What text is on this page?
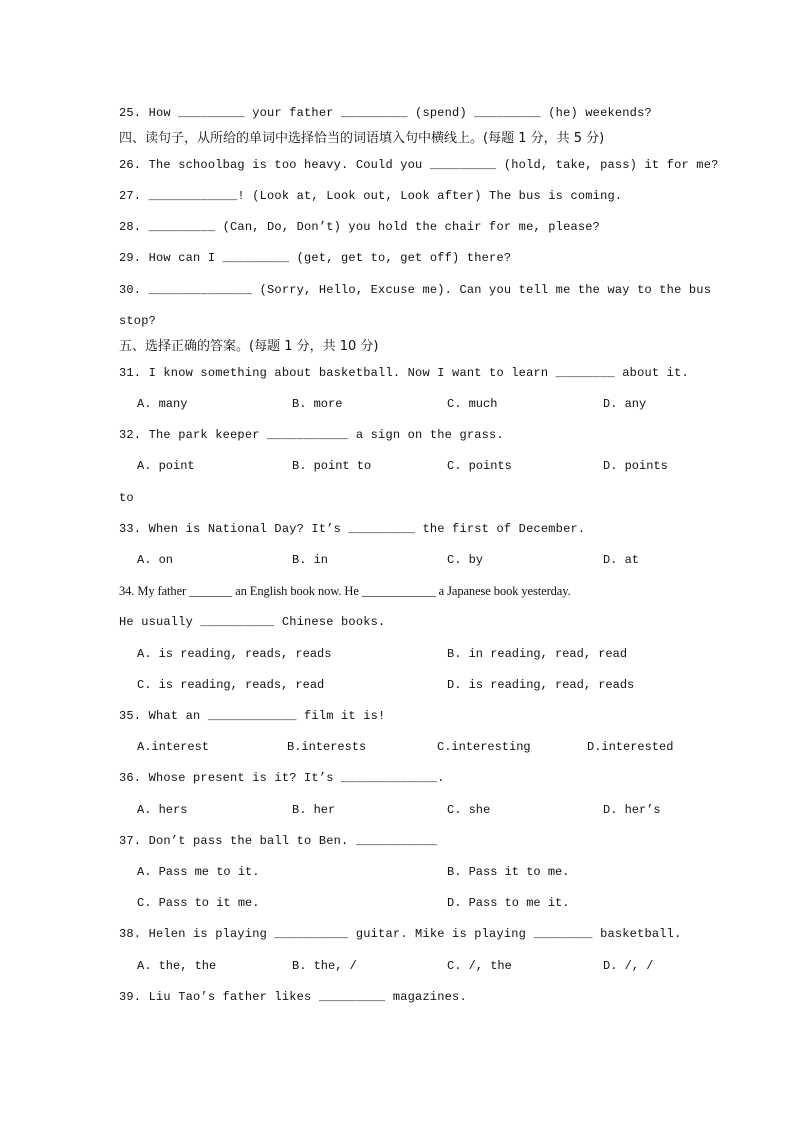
25. How _________ your father _________ (spend) _________ (he) weekends?
四、读句子，从所给的单词中选择恰当的词语填入句中横线上。(每题 1 分，共 5 分)
26. The schoolbag is too heavy. Could you _________ (hold, take, pass) it for me?
27. ____________! (Look at, Look out, Look after) The bus is coming.
28. _________ (Can, Do, Don’t) you hold the chair for me, please?
29. How can I _________ (get, get to, get off) there?
30. ______________ (Sorry, Hello, Excuse me). Can you tell me the way to the bus
stop?
五、选择正确的答案。(每题 1 分，共 10 分)
31. I know something about basketball. Now I want to learn ________ about it.
A. many	B. more	C. much	D. any
32. The park keeper ___________ a sign on the grass.
A. point	B. point to	C. points	D. points
to
33. When is National Day? It’s _________ the first of December.
A. on	B. in	C. by	D. at
34. My father _______ an English book now. He ____________ a Japanese book yesterday.
He usually __________ Chinese books.
A. is reading, reads, reads	B. in reading, read, read
C. is reading, reads, read	D. is reading, read, reads
35. What an ____________ film it is!
A.interest	B.interests	C.interesting	D.interested
36. Whose present is it? It’s _____________.
A. hers	B. her	C. she	D. her’s
37. Don’t pass the ball to Ben. ___________
A. Pass me to it.	B. Pass it to me.
C. Pass to it me.	D. Pass to me it.
38. Helen is playing __________ guitar. Mike is playing ________ basketball.
A. the, the	B. the, /	C. /, the	D. /, /
39. Liu Tao’s father likes _________ magazines.
